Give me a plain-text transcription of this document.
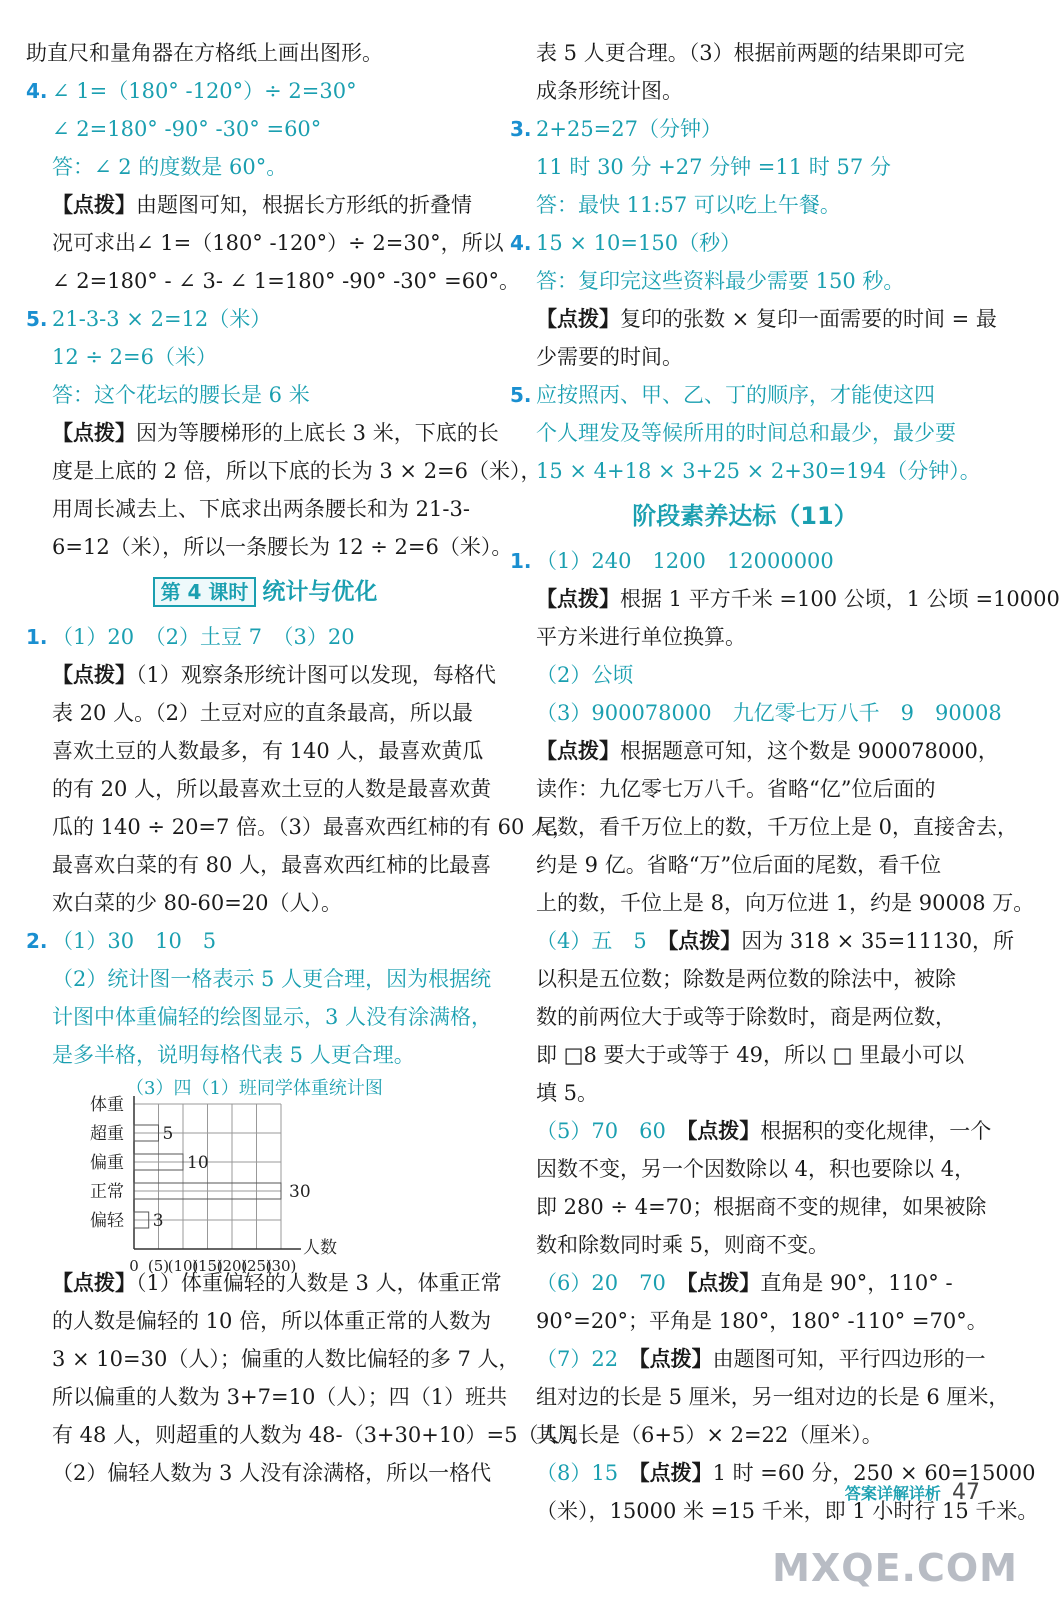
助直尺和量角器在方格纸上画出图形。
4. ∠ 1=（180° -120°）÷ 2=30°
∠ 2=180° -90° -30° =60°
答：∠ 2 的度数是 60°。
【点拨】由题图可知，根据长方形纸的折叠情
况可求出∠ 1=（180° -120°）÷ 2=30°，所以
∠ 2=180° - ∠ 3- ∠ 1=180° -90° -30° =60°。
5. 21-3-3 × 2=12（米）
12 ÷ 2=6（米）
答：这个花坛的腰长是 6 米
【点拨】因为等腰梯形的上底长 3 米，下底的长
度是上底的 2 倍，所以下底的长为 3 × 2=6（米），
用周长减去上、下底求出两条腰长和为 21-3-
6=12（米），所以一条腰长为 12 ÷ 2=6（米）。
第 4 课时 统计与优化
1. （1）20　 （2）土豆 7　 （3）20
【点拨】（1）观察条形统计图可以发现，每格代
表 20 人。（2）土豆对应的直条最高，所以最
喜欢土豆的人数最多，有 140 人，最喜欢黄瓜
的有 20 人，所以最喜欢土豆的人数是最喜欢黄
瓜的 140 ÷ 20=7 倍。（3）最喜欢西红柿的有 60 人，
最喜欢白菜的有 80 人，最喜欢西红柿的比最喜
欢白菜的少 80-60=20（人）。
2. （1）30　10　5
（2）统计图一格表示 5 人更合理，因为根据统
计图中体重偏轻的绘图显示，3 人没有涂满格，
是多半格，说明每格代表 5 人更合理。
（3）四（1）班同学体重统计图
体重
人数
超重 5
偏重	10
正常	30
偏轻 3
0 (5)
(10)
(15)
(20)
(25)
(30)
【点拨】（1）体重偏轻的人数是 3 人，体重正常
的人数是偏轻的 10 倍，所以体重正常的人数为
3 × 10=30（人）；偏重的人数比偏轻的多 7 人，
所以偏重的人数为 3+7=10（人）；四（1）班共
有 48 人，则超重的人数为 48-（3+30+10）=5（人）。
（2）偏轻人数为 3 人没有涂满格，所以一格代
表 5 人更合理。（3）根据前两题的结果即可完
成条形统计图。
3. 2+25=27（分钟）
11 时 30 分 +27 分钟 =11 时 57 分
答：最快 11:57 可以吃上午餐。
4. 15 × 10=150（秒）
答：复印完这些资料最少需要 150 秒。
【点拨】复印的张数 × 复印一面需要的时间 = 最
少需要的时间。
5. 应按照丙、甲、乙、丁的顺序，才能使这四
个人理发及等候所用的时间总和最少，最少要
15 × 4+18 × 3+25 × 2+30=194（分钟）。
阶段素养达标（11）
1. （1）240　1200　12000000
【点拨】根据 1 平方千米 =100 公顷，1 公顷 =10000
平方米进行单位换算。
（2）公顷
（3）900078000　 九亿零七万八千　 9　90008
【点拨】根据题意可知，这个数是 900078000，
读作：九亿零七万八千。省略“亿”位后面的
尾数，看千万位上的数，千万位上是 0，直接舍去，
约是 9 亿。省略“万”位后面的尾数，看千位
上的数，千位上是 8，向万位进 1，约是 90008 万。
（4）五　5　 【点拨】因为 318 × 35=11130，所
以积是五位数；除数是两位数的除法中，被除
数的前两位大于或等于除数时，商是两位数，
即 □8 要大于或等于 49，所以 □ 里最小可以
填 5。
（5）70　60　 【点拨】根据积的变化规律，一个
因数不变，另一个因数除以 4，积也要除以 4，
即 280 ÷ 4=70；根据商不变的规律，如果被除
数和除数同时乘 5，则商不变。
（6）20　70　 【点拨】直角是 90°，110° -
90°=20°；平角是 180°，180° -110° =70°。
（7）22　 【点拨】由题图可知，平行四边形的一
组对边的长是 5 厘米，另一组对边的长是 6 厘米，
其周长是（6+5）× 2=22（厘米）。
（8）15　 【点拨】1 时 =60 分，250 × 60=15000
（米），15000 米 =15 千米，即 1 小时行 15 千米。
答案详解详析 47
MXQE.COM
